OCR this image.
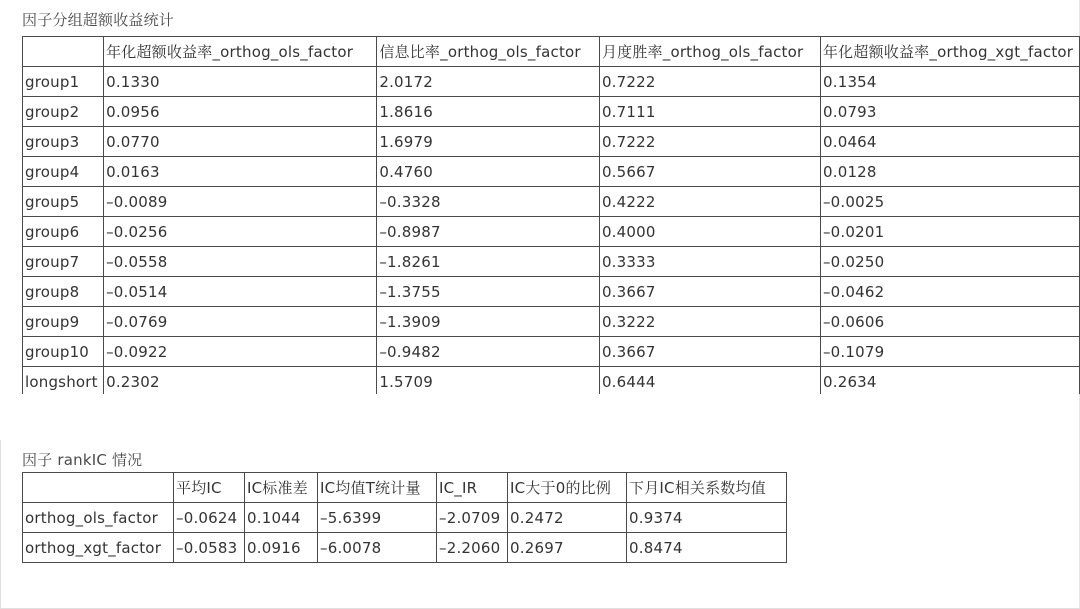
因子分组超额收益统计
	年化超额收益率_orthog_ols_factor	信息比率_orthog_ols_factor	月度胜率_orthog_ols_factor	年化超额收益率_orthog_xgt_factor
group1	0.1330	2.0172	0.7222	0.1354
group2	0.0956	1.8616	0.7111	0.0793
group3	0.0770	1.6979	0.7222	0.0464
group4	0.0163	0.4760	0.5667	0.0128
group5	–0.0089	–0.3328	0.4222	–0.0025
group6	–0.0256	–0.8987	0.4000	–0.0201
group7	–0.0558	–1.8261	0.3333	–0.0250
group8	–0.0514	–1.3755	0.3667	–0.0462
group9	–0.0769	–1.3909	0.3222	–0.0606
group10	–0.0922	–0.9482	0.3667	–0.1079
longshort	0.2302	1.5709	0.6444	0.2634
因子 rankIC 情况
	平均IC	IC标准差	IC均值T统计量	IC_IR	IC大于0的比例	下月IC相关系数均值
orthog_ols_factor	–0.0624	0.1044	–5.6399	–2.0709	0.2472	0.9374
orthog_xgt_factor	–0.0583	0.0916	–6.0078	–2.2060	0.2697	0.8474
